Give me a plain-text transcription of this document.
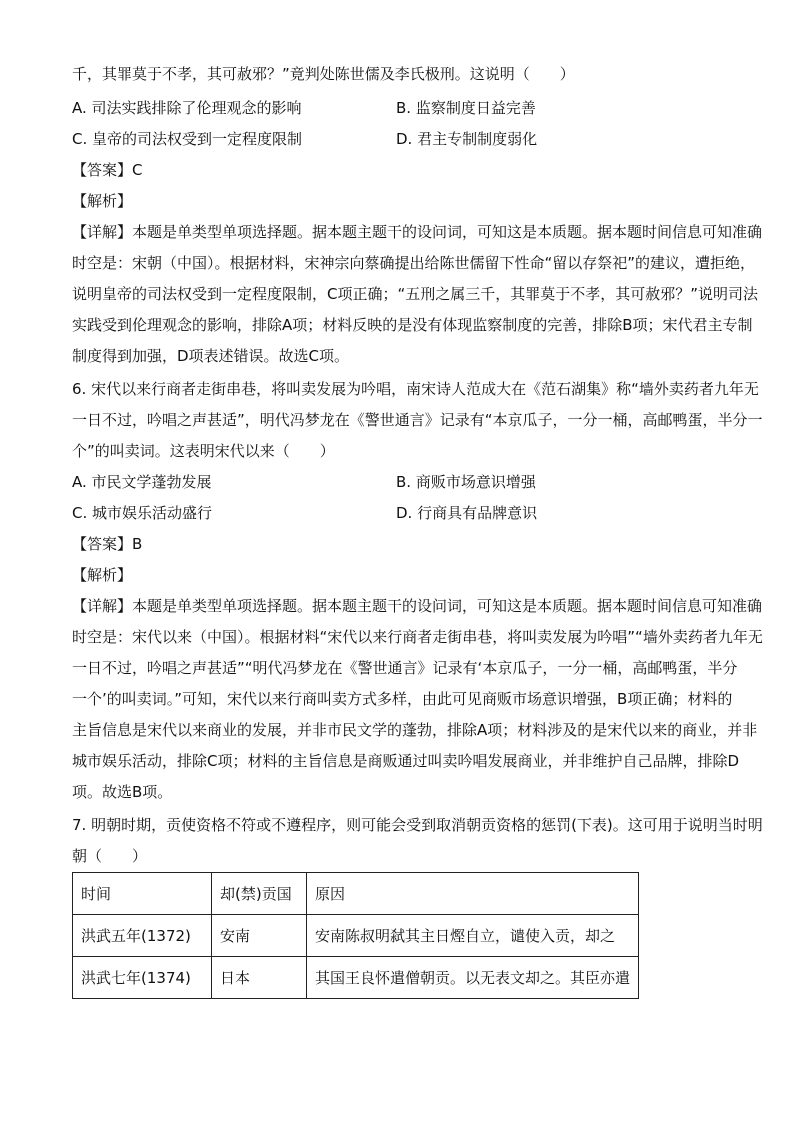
千，其罪莫于不孝，其可赦邪？”竟判处陈世儒及李氏极刑。这说明（　　）
A. 司法实践排除了伦理观念的影响	B. 监察制度日益完善
C. 皇帝的司法权受到一定程度限制	D. 君主专制制度弱化
【答案】C
【解析】
【详解】本题是单类型单项选择题。据本题主题干的设问词，可知这是本质题。据本题时间信息可知准确
时空是：宋朝（中国）。根据材料，宋神宗向蔡确提出给陈世儒留下性命“留以存祭祀”的建议，遭拒绝，
说明皇帝的司法权受到一定程度限制，C项正确；“五刑之属三千，其罪莫于不孝，其可赦邪？”说明司法
实践受到伦理观念的影响，排除A项；材料反映的是没有体现监察制度的完善，排除B项；宋代君主专制
制度得到加强，D项表述错误。故选C项。
6. 宋代以来行商者走街串巷，将叫卖发展为吟唱，南宋诗人范成大在《范石湖集》称“墙外卖药者九年无
一日不过，吟唱之声甚适”，明代冯梦龙在《警世通言》记录有“本京瓜子，一分一桶，高邮鸭蛋，半分一
个”的叫卖词。这表明宋代以来（　　）
A. 市民文学蓬勃发展	B. 商贩市场意识增强
C. 城市娱乐活动盛行	D. 行商具有品牌意识
【答案】B
【解析】
【详解】本题是单类型单项选择题。据本题主题干的设问词，可知这是本质题。据本题时间信息可知准确
时空是：宋代以来（中国）。根据材料“宋代以来行商者走街串巷，将叫卖发展为吟唱”“墙外卖药者九年无
一日不过，吟唱之声甚适”“明代冯梦龙在《警世通言》记录有‘本京瓜子，一分一桶，高邮鸭蛋，半分
一个’的叫卖词。”可知，宋代以来行商叫卖方式多样，由此可见商贩市场意识增强，B项正确；材料的
主旨信息是宋代以来商业的发展，并非市民文学的蓬勃，排除A项；材料涉及的是宋代以来的商业，并非
城市娱乐活动，排除C项；材料的主旨信息是商贩通过叫卖吟唱发展商业，并非维护自己品牌，排除D
项。故选B项。
7. 明朝时期，贡使资格不符或不遵程序，则可能会受到取消朝贡资格的惩罚(下表)。这可用于说明当时明
朝（　　）
时间	却(禁)贡国	原因
洪武五年(1372)	安南	安南陈叔明弑其主日熞自立，谴使入贡，却之
洪武七年(1374)	日本	其国王良怀遣僧朝贡。以无表文却之。其臣亦遣
